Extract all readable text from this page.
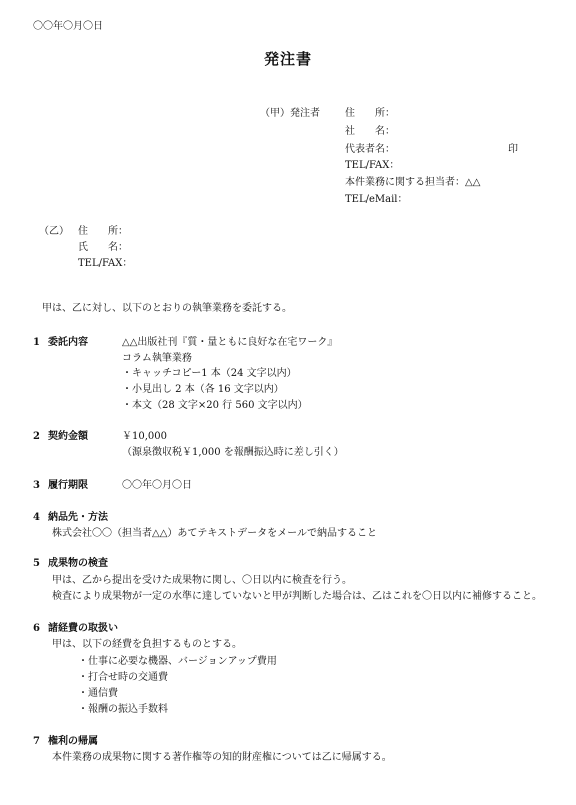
〇〇年〇月〇日
発注書
（甲）発注者	住　　所：
社　　名：
代表者名：	印
TEL/FAX：
本件業務に関する担当者：△△
TEL/eMail：
（乙） 住　　所：
氏　　名：
TEL/FAX：
甲は、乙に対し、以下のとおりの執筆業務を委託する。
1 委託内容	△△出版社刊『質・量ともに良好な在宅ワーク』
コラム執筆業務
・キャッチコピー1 本（24 文字以内）
・小見出し 2 本（各 16 文字以内）
・本文（28 文字×20 行 560 文字以内）
2 契約金額	￥10,000
（源泉徴収税￥1,000 を報酬振込時に差し引く）
3 履行期限	〇〇年〇月〇日
4 納品先・方法
株式会社〇〇（担当者△△）あてテキストデータをメールで納品すること
5 成果物の検査
甲は、乙から提出を受けた成果物に関し、〇日以内に検査を行う。
検査により成果物が一定の水準に達していないと甲が判断した場合は、乙はこれを〇日以内に補修すること。
6 諸経費の取扱い
甲は、以下の経費を負担するものとする。
・仕事に必要な機器、バージョンアップ費用
・打合せ時の交通費
・通信費
・報酬の振込手数料
7 権利の帰属
本件業務の成果物に関する著作権等の知的財産権については乙に帰属する。
